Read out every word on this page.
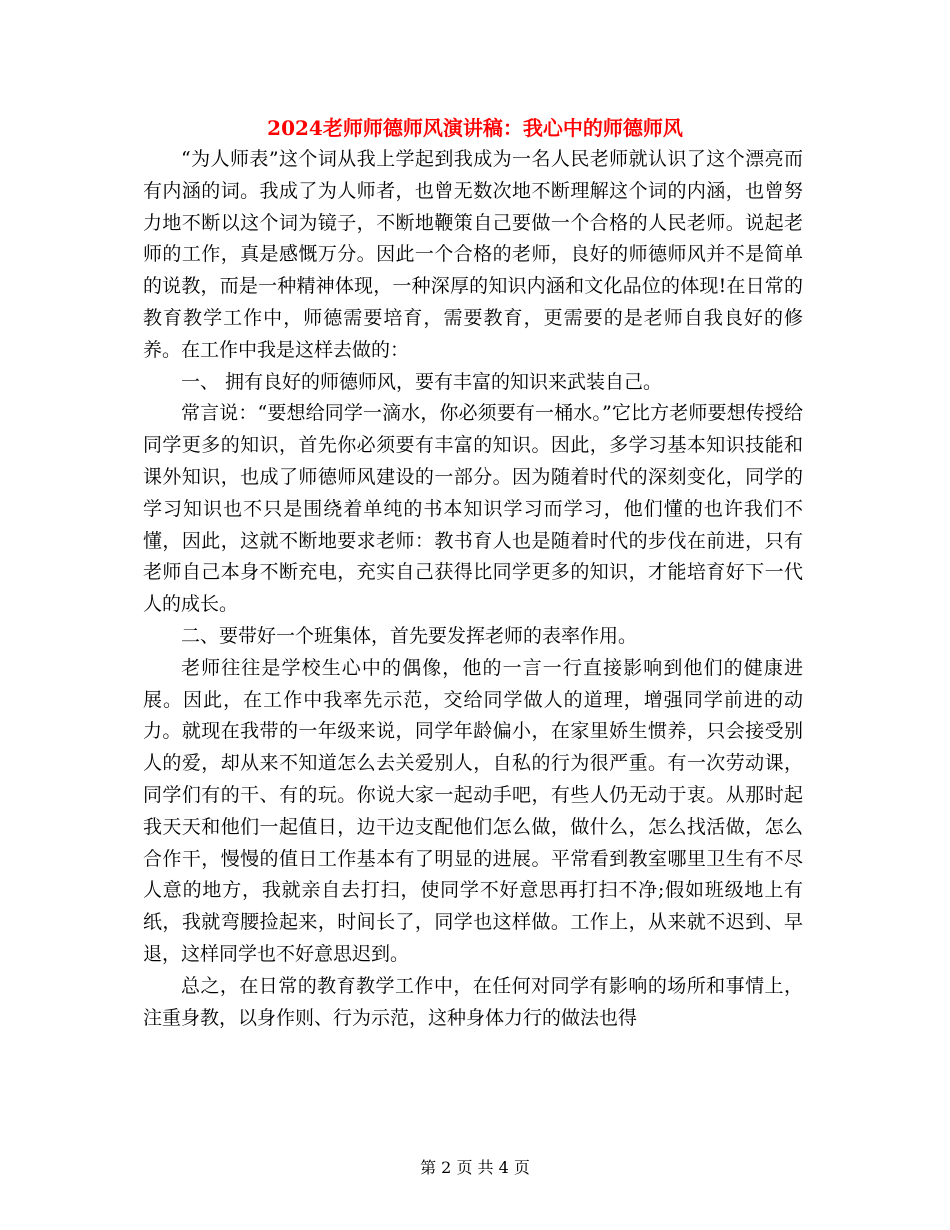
2024老师师德师风演讲稿：我心中的师德师风

“为人师表”这个词从我上学起到我成为一名人民老师就认识了这个漂亮而有内涵的词。我成了为人师者，也曾无数次地不断理解这个词的内涵，也曾努力地不断以这个词为镜子，不断地鞭策自己要做一个合格的人民老师。说起老师的工作，真是感慨万分。因此一个合格的老师，良好的师德师风并不是简单的说教，而是一种精神体现，一种深厚的知识内涵和文化品位的体现!在日常的教育教学工作中，师德需要培育，需要教育，更需要的是老师自我良好的修养。在工作中我是这样去做的：

一、 拥有良好的师德师风，要有丰富的知识来武装自己。

常言说：“要想给同学一滴水，你必须要有一桶水。”它比方老师要想传授给同学更多的知识，首先你必须要有丰富的知识。因此，多学习基本知识技能和课外知识，也成了师德师风建设的一部分。因为随着时代的深刻变化，同学的学习知识也不只是围绕着单纯的书本知识学习而学习，他们懂的也许我们不懂，因此，这就不断地要求老师：教书育人也是随着时代的步伐在前进，只有老师自己本身不断充电，充实自己获得比同学更多的知识，才能培育好下一代人的成长。

二、要带好一个班集体，首先要发挥老师的表率作用。

老师往往是学校生心中的偶像，他的一言一行直接影响到他们的健康进展。因此，在工作中我率先示范，交给同学做人的道理，增强同学前进的动力。就现在我带的一年级来说，同学年龄偏小，在家里娇生惯养，只会接受别人的爱，却从来不知道怎么去关爱别人，自私的行为很严重。有一次劳动课，同学们有的干、有的玩。你说大家一起动手吧，有些人仍无动于衷。从那时起我天天和他们一起值日，边干边支配他们怎么做，做什么，怎么找活做，怎么合作干，慢慢的值日工作基本有了明显的进展。平常看到教室哪里卫生有不尽人意的地方，我就亲自去打扫，使同学不好意思再打扫不净;假如班级地上有纸，我就弯腰捡起来，时间长了，同学也这样做。工作上，从来就不迟到、早退，这样同学也不好意思迟到。

总之，在日常的教育教学工作中，在任何对同学有影响的场所和事情上，注重身教，以身作则、行为示范，这种身体力行的做法也得

第 2 页 共 4 页
